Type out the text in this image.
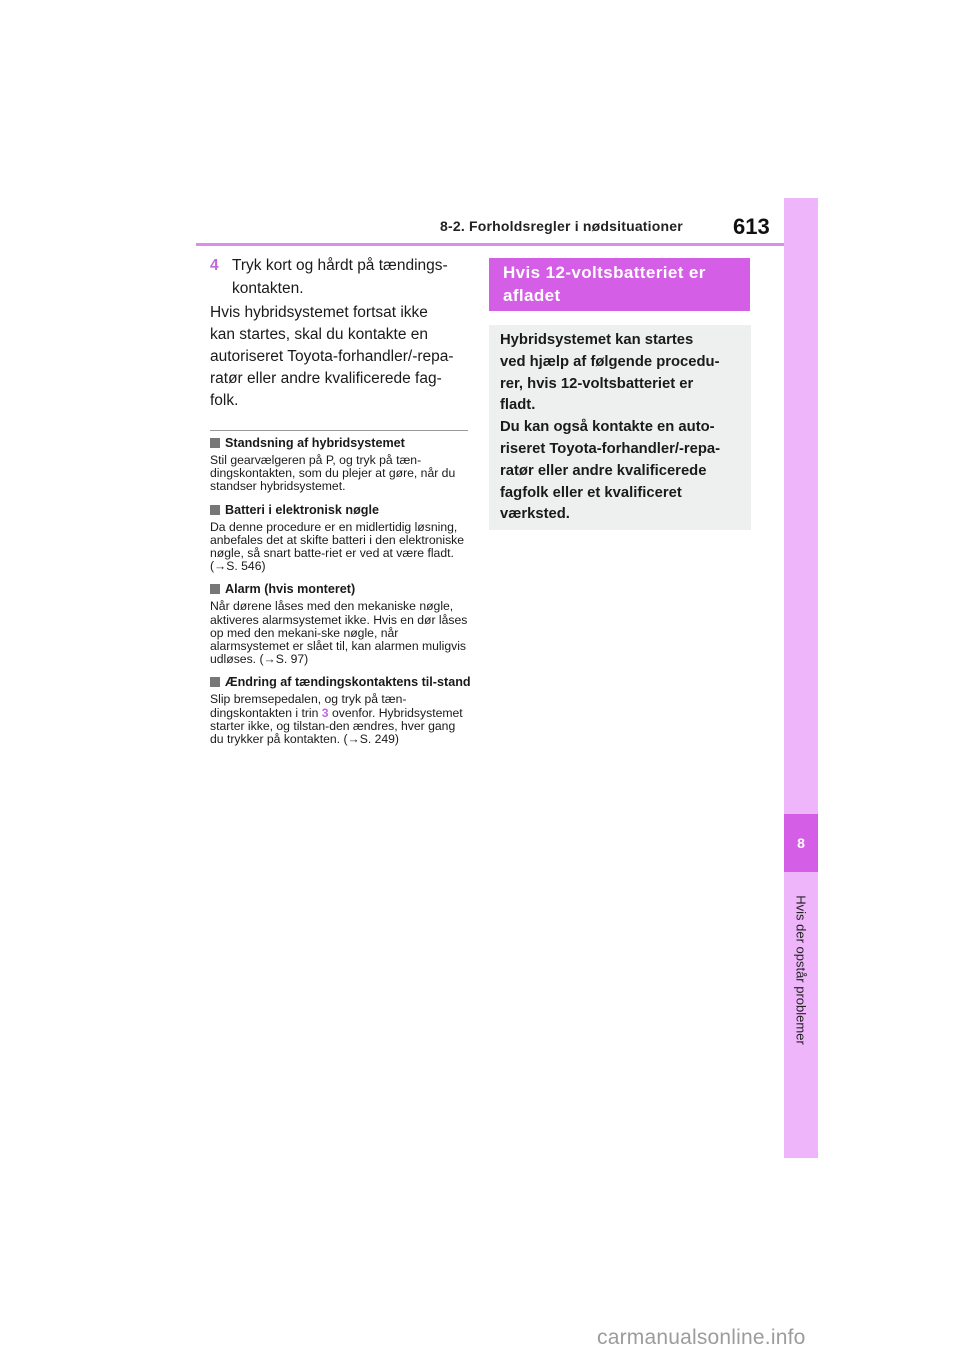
8-2. Forholdsregler i nødsituationer 613
8
Hvis der opstår problemer
4 Tryk kort og hårdt på tændings-kontakten.

Hvis hybridsystemet fortsat ikke

kan startes, skal du kontakte en

autoriseret Toyota-forhandler/-repa-

ratør eller andre kvalificerede fag-

folk.

Standsning af hybridsystemet

Stil gearvælgeren på P, og tryk på tæn-dingskontakten, som du plejer at gøre, når du standser hybridsystemet.

Batteri i elektronisk nøgle

Da denne procedure er en midlertidig løsning, anbefales det at skifte batteri i den elektroniske nøgle, så snart batte-riet er ved at være fladt. (→S. 546)

Alarm (hvis monteret)

Når dørene låses med den mekaniske nøgle, aktiveres alarmsystemet ikke. Hvis en dør låses op med den mekani-ske nøgle, når alarmsystemet er slået til, kan alarmen muligvis udløses. (→S. 97)

Ændring af tændingskontaktens til-stand

Slip bremsepedalen, og tryk på tæn-dingskontakten i trin 3 ovenfor. Hybridsystemet starter ikke, og tilstan-den ændres, hver gang du trykker på kontakten. (→S. 249)

Hvis 12-voltsbatteriet er afladet

Hybridsystemet kan startes

ved hjælp af følgende procedu-

rer, hvis 12-voltsbatteriet er

fladt.

Du kan også kontakte en auto-

riseret Toyota-forhandler/-repa-

ratør eller andre kvalificerede

fagfolk eller et kvalificeret

værksted.

carmanualsonline.info
